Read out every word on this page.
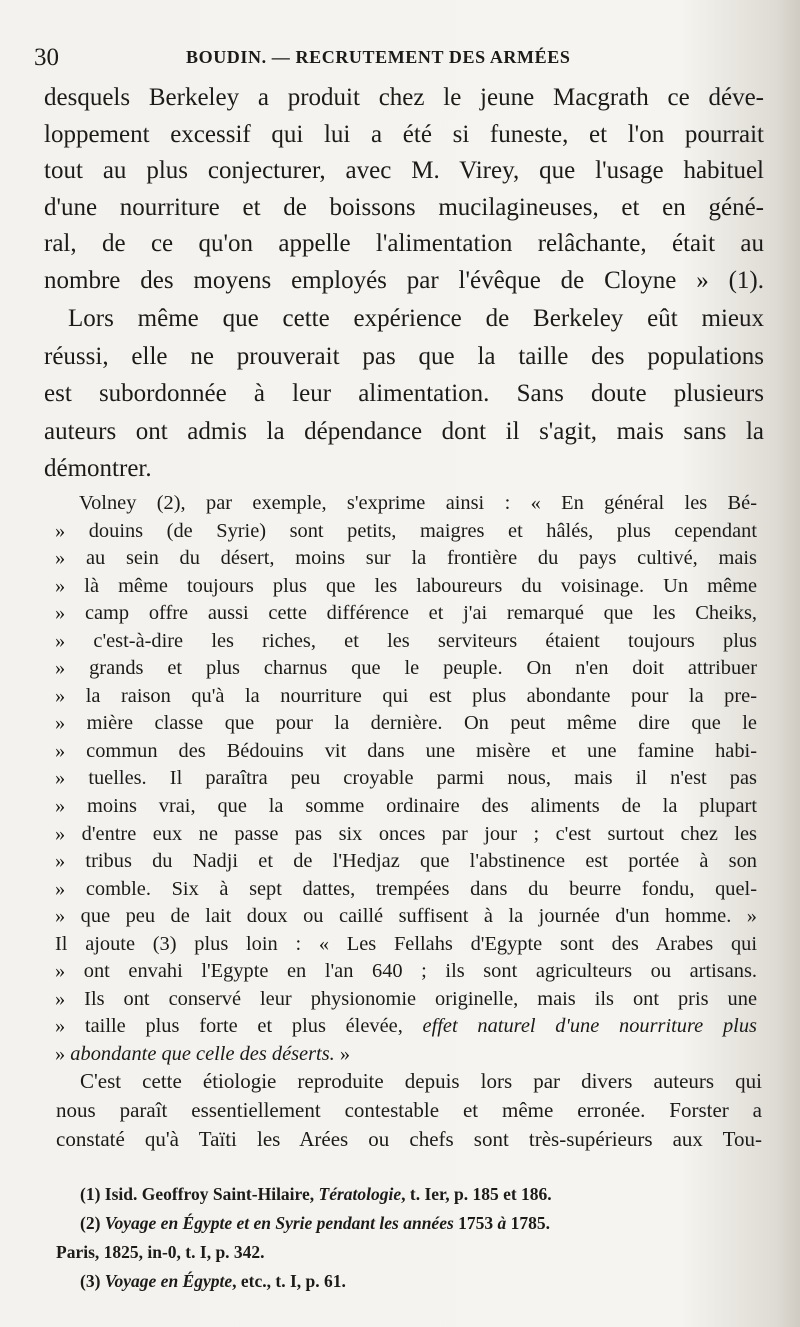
30	BOUDIN. — RECRUTEMENT DES ARMÉES
desquels Berkeley a produit chez le jeune Macgrath ce déve-
loppement excessif qui lui a été si funeste, et l'on pourrait
tout au plus conjecturer, avec M. Virey, que l'usage habituel
d'une nourriture et de boissons mucilagineuses, et en géné-
ral, de ce qu'on appelle l'alimentation relâchante, était au
nombre des moyens employés par l'évêque de Cloyne » (1).
Lors même que cette expérience de Berkeley eût mieux
réussi, elle ne prouverait pas que la taille des populations
est subordonnée à leur alimentation. Sans doute plusieurs
auteurs ont admis la dépendance dont il s'agit, mais sans la
démontrer.
Volney (2), par exemple, s'exprime ainsi : « En général les Bé-
» douins (de Syrie) sont petits, maigres et hâlés, plus cependant
» au sein du désert, moins sur la frontière du pays cultivé, mais
» là même toujours plus que les laboureurs du voisinage. Un même
» camp offre aussi cette différence et j'ai remarqué que les Cheiks,
» c'est-à-dire les riches, et les serviteurs étaient toujours plus
» grands et plus charnus que le peuple. On n'en doit attribuer
» la raison qu'à la nourriture qui est plus abondante pour la pre-
» mière classe que pour la dernière. On peut même dire que le
» commun des Bédouins vit dans une misère et une famine habi-
» tuelles. Il paraîtra peu croyable parmi nous, mais il n'est pas
» moins vrai, que la somme ordinaire des aliments de la plupart
» d'entre eux ne passe pas six onces par jour ; c'est surtout chez les
» tribus du Nadji et de l'Hedjaz que l'abstinence est portée à son
» comble. Six à sept dattes, trempées dans du beurre fondu, quel-
» que peu de lait doux ou caillé suffisent à la journée d'un homme. »
Il ajoute (3) plus loin : « Les Fellahs d'Egypte sont des Arabes qui
» ont envahi l'Egypte en l'an 640 ; ils sont agriculteurs ou artisans.
» Ils ont conservé leur physionomie originelle, mais ils ont pris une
» taille plus forte et plus élevée, effet naturel d'une nourriture plus
» abondante que celle des déserts. »
C'est cette étiologie reproduite depuis lors par divers auteurs qui
nous paraît essentiellement contestable et même erronée. Forster a
constaté qu'à Taïti les Arées ou chefs sont très-supérieurs aux Tou-
(1) Isid. Geoffroy Saint-Hilaire, Tératologie, t. Ier, p. 185 et 186.
(2) Voyage en Égypte et en Syrie pendant les années 1753 à 1785.
Paris, 1825, in-0, t. I, p. 342.
(3) Voyage en Égypte, etc., t. I, p. 61.
